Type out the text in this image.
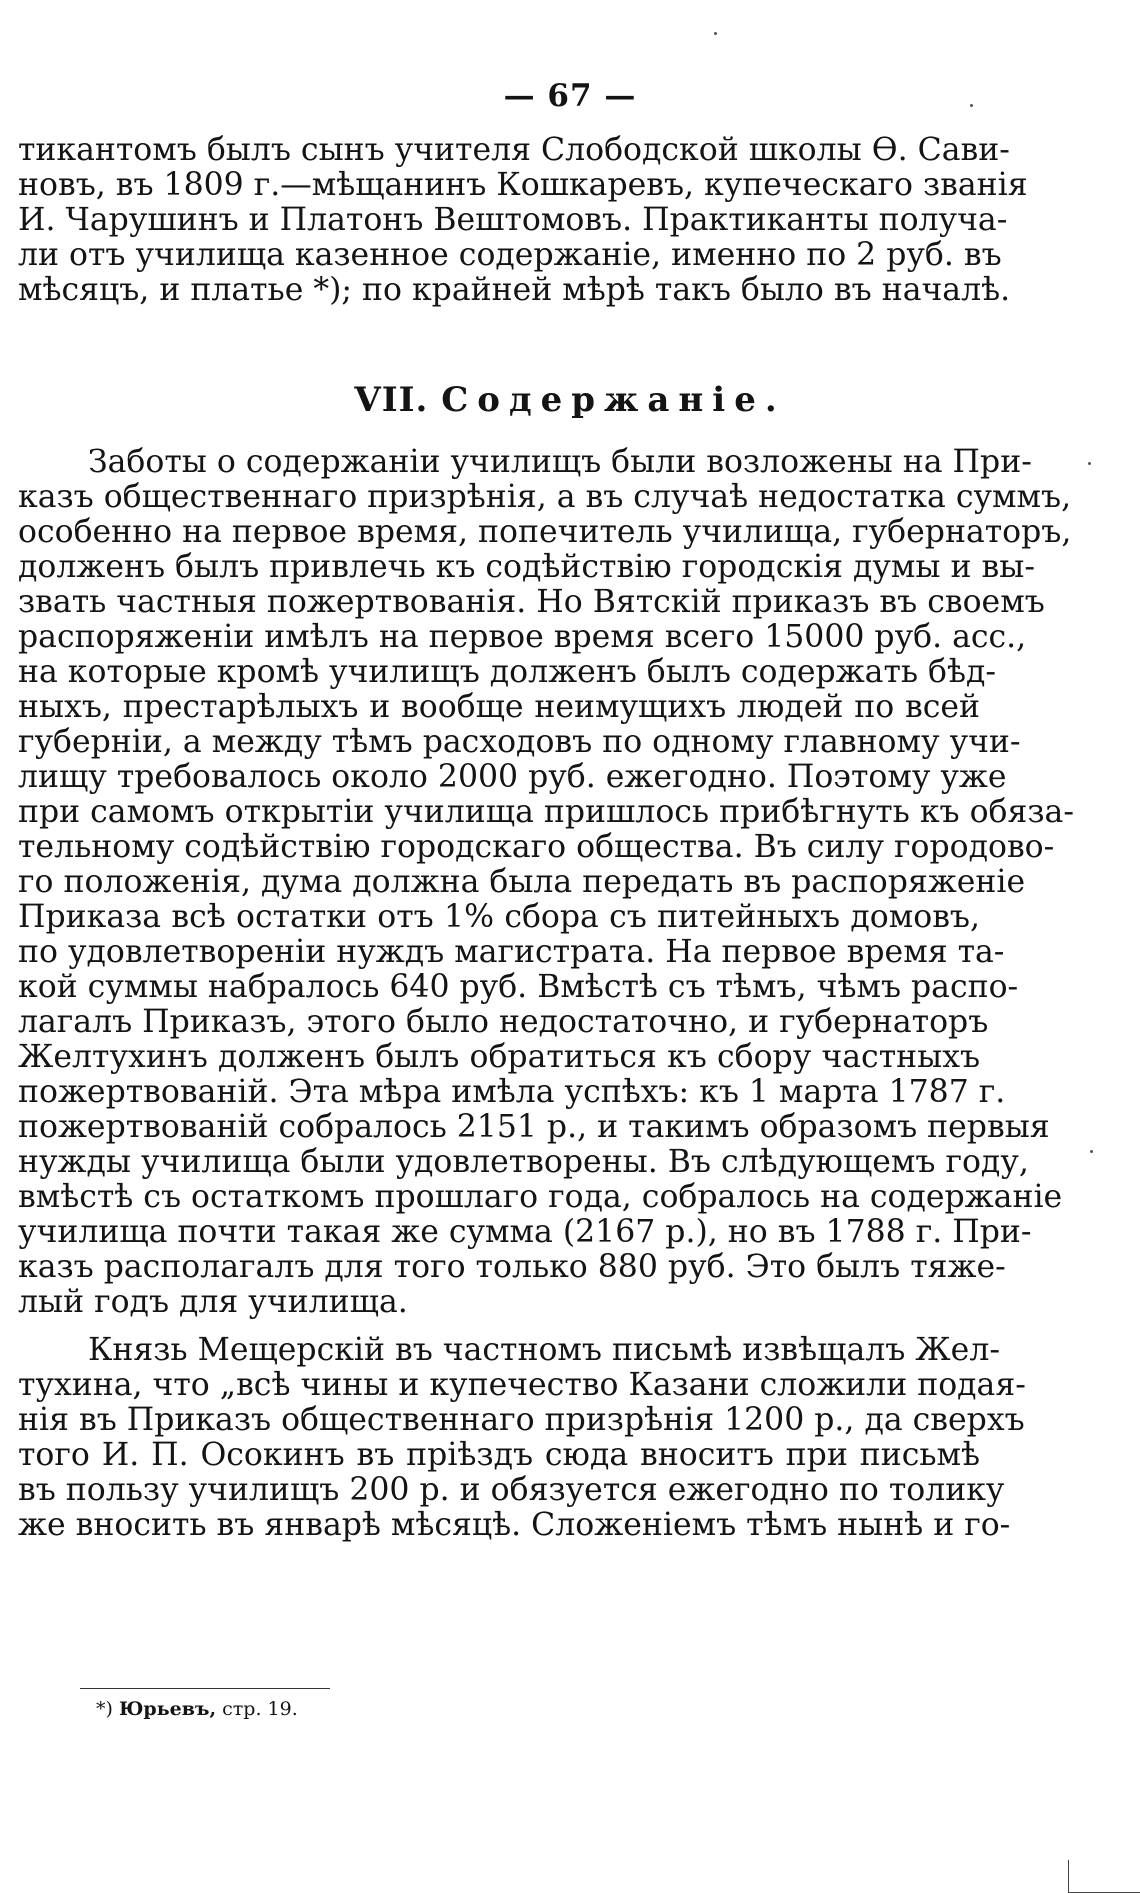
— 67 —
тикантомъ былъ сынъ учителя Слободской школы Ѳ. Сави-
новъ, въ 1809 г.—мѣщанинъ Кошкаревъ, купеческаго званія
И. Чарушинъ и Платонъ Вештомовъ. Практиканты получа-
ли отъ училища казенное содержаніе, именно по 2 руб. въ
мѣсяцъ, и платье *); по крайней мѣрѣ такъ было въ началѣ.
VII. Содержаніе.
Заботы о содержаніи училищъ были возложены на При-
казъ общественнаго призрѣнія, а въ случаѣ недостатка суммъ,
особенно на первое время, попечитель училища, губернаторъ,
долженъ былъ привлечь къ содѣйствію городскія думы и вы-
звать частныя пожертвованія. Но Вятскій приказъ въ своемъ
распоряженіи имѣлъ на первое время всего 15000 руб. асс.,
на которые кромѣ училищъ долженъ былъ содержать бѣд-
ныхъ, престарѣлыхъ и вообще неимущихъ людей по всей
губерніи, а между тѣмъ расходовъ по одному главному учи-
лищу требовалось около 2000 руб. ежегодно. Поэтому уже
при самомъ открытіи училища пришлось прибѣгнуть къ обяза-
тельному содѣйствію городскаго общества. Въ силу городово-
го положенія, дума должна была передать въ распоряженіе
Приказа всѣ остатки отъ 1% сбора съ питейныхъ домовъ,
по удовлетвореніи нуждъ магистрата. На первое время та-
кой суммы набралось 640 руб. Вмѣстѣ съ тѣмъ, чѣмъ распо-
лагалъ Приказъ, этого было недостаточно, и губернаторъ
Желтухинъ долженъ былъ обратиться къ сбору частныхъ
пожертвованій. Эта мѣра имѣла успѣхъ: къ 1 марта 1787 г.
пожертвованій собралось 2151 р., и такимъ образомъ первыя
нужды училища были удовлетворены. Въ слѣдующемъ году,
вмѣстѣ съ остаткомъ прошлаго года, собралось на содержаніе
училища почти такая же сумма (2167 р.), но въ 1788 г. При-
казъ располагалъ для того только 880 руб. Это былъ тяже-
лый годъ для училища.
Князь Мещерскій въ частномъ письмѣ извѣщалъ Жел-
тухина, что „всѣ чины и купечество Казани сложили подая-
нія въ Приказъ общественнаго призрѣнія 1200 р., да сверхъ
того И. П. Осокинъ въ пріѣздъ сюда вноситъ при письмѣ
въ пользу училищъ 200 р. и обязуется ежегодно по толику
же вносить въ январѣ мѣсяцѣ. Сложеніемъ тѣмъ нынѣ и го-
*) Юрьевъ, стр. 19.
